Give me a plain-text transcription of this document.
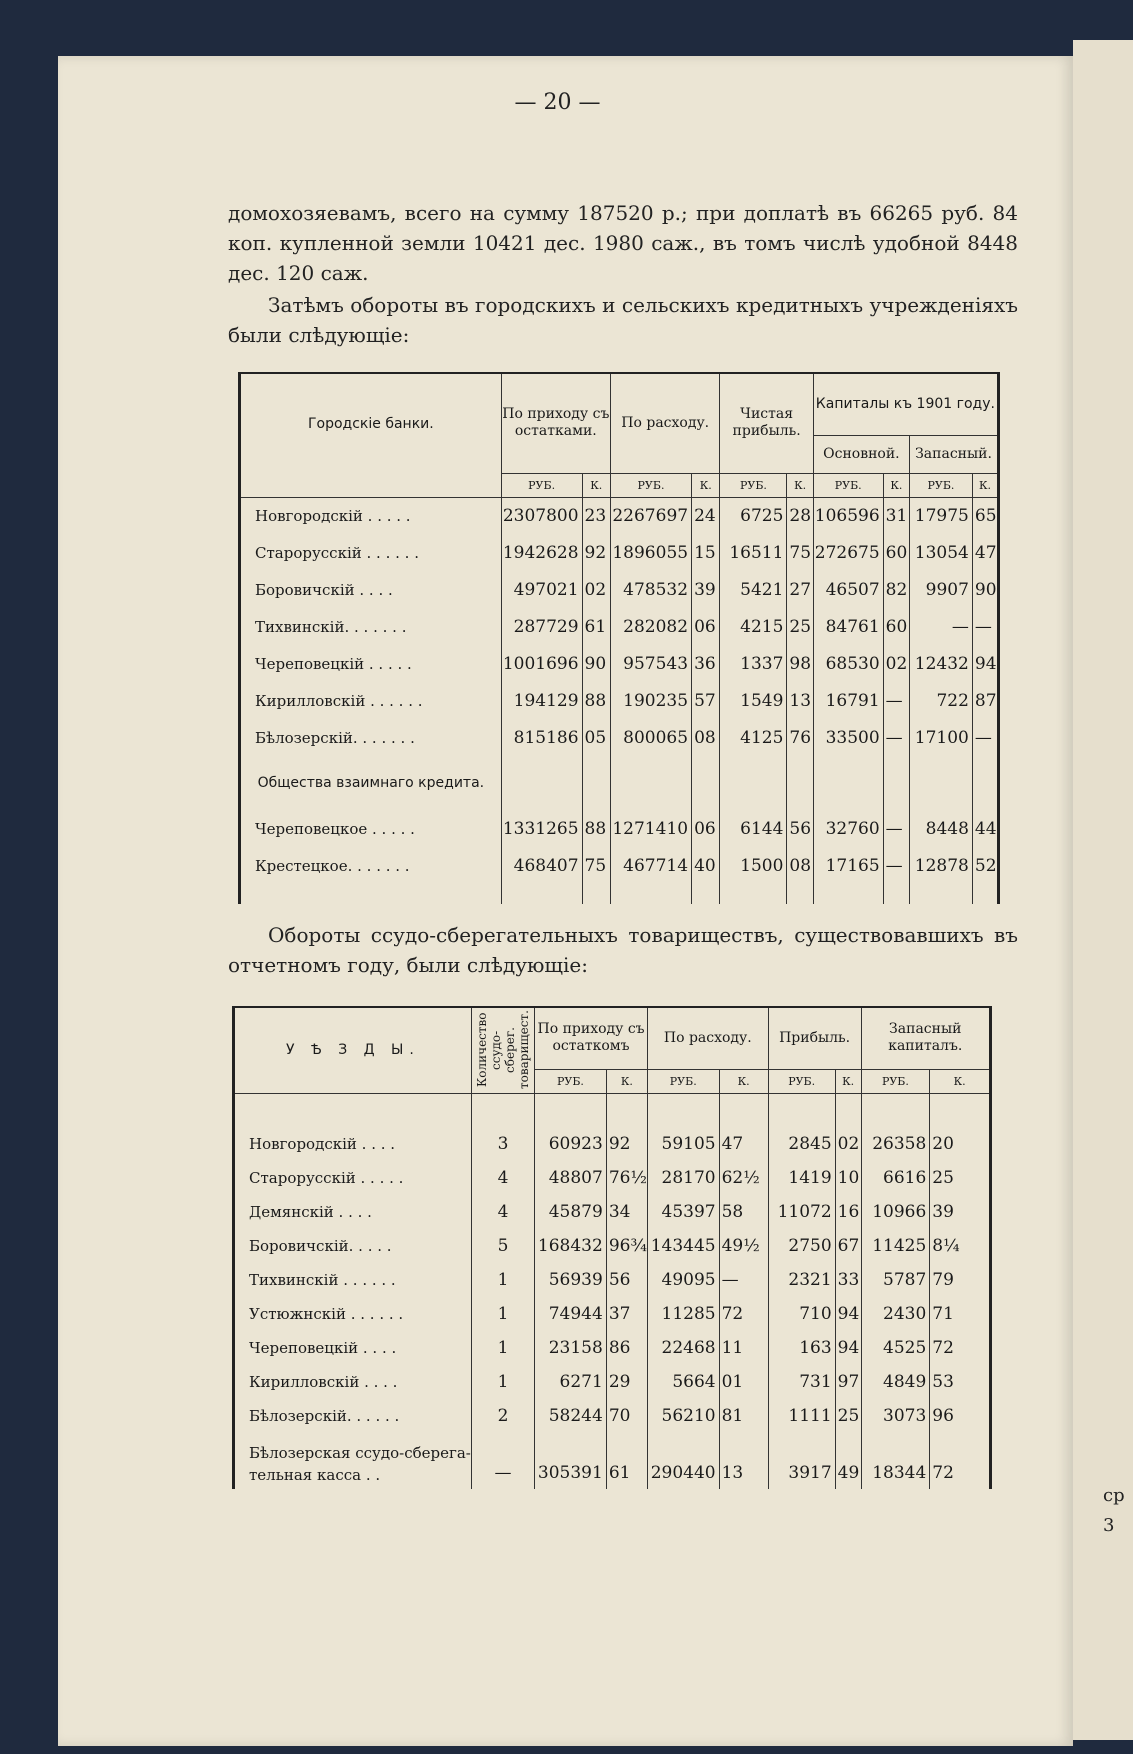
ср
3
— 20 —
домохозяевамъ, всего на сумму 187520 р.; при доплатѣ въ 66265 руб. 84 коп. купленной земли 10421 дес. 1980 саж., въ томъ числѣ удобной 8448 дес. 120 саж.
Затѣмъ обороты въ городскихъ и сельскихъ кредитныхъ учрежденiяхъ были слѣдующiе:
Городскіе банки.	По приходу съ остатками.		По расходу.		Чистая прибыль.		Капиталы къ 1901 году.			
							Основной.		Запасный.	
	РУБ.	К.	РУБ.	К.	РУБ.	К.	РУБ.	К.	РУБ.	К.
Новгородскій . . . . .	2307800	23	2267697	24	6725	28	106596	31	17975	65
Старорусскій . . . . . .	1942628	92	1896055	15	16511	75	272675	60	13054	47
Боровичскій . . . .	497021	02	478532	39	5421	27	46507	82	9907	90
Тихвинскій. . . . . . .	287729	61	282082	06	4215	25	84761	60	—	—
Череповецкій . . . . .	1001696	90	957543	36	1337	98	68530	02	12432	94
Кирилловскій . . . . . .	194129	88	190235	57	1549	13	16791	—	722	87
Бѣлозерскій. . . . . . .	815186	05	800065	08	4125	76	33500	—	17100	—
Общества взаимнаго кредита.										
Череповецкое . . . . .	1331265	88	1271410	06	6144	56	32760	—	8448	44
Крестецкое. . . . . . .	468407	75	467714	40	1500	08	17165	—	12878	52

Обороты ссудо-сберегательныхъ товариществъ, существовавшихъ въ отчетномъ году, были слѣдующiе:
У Ѣ З Д Ы.	Количество ссудо-сберег. товарищест.	По приходу съ остаткомъ		По расходу.		Прибыль.		Запасный капиталъ.	
		РУБ.	К.	РУБ.	К.	РУБ.	К.	РУБ.	К.

Новгородскій . . . .	3	60923	92	59105	47	2845	02	26358	20
Старорусскій . . . . .	4	48807	76½	28170	62½	1419	10	6616	25
Демянскій . . . .	4	45879	34	45397	58	11072	16	10966	39
Боровичскій. . . . .	5	168432	96¾	143445	49½	2750	67	11425	8¼
Тихвинскій . . . . . .	1	56939	56	49095	—	2321	33	5787	79
Устюжнскій . . . . . .	1	74944	37	11285	72	710	94	2430	71
Череповецкій . . . .	1	23158	86	22468	11	163	94	4525	72
Кирилловскій . . . .	1	6271	29	5664	01	731	97	4849	53
Бѣлозерскій. . . . . .	2	58244	70	56210	81	1111	25	3073	96

Бѣлозерская ссудо-сберега-
тельная касса . .	—	305391	61	290440	13	3917	49	18344	72
